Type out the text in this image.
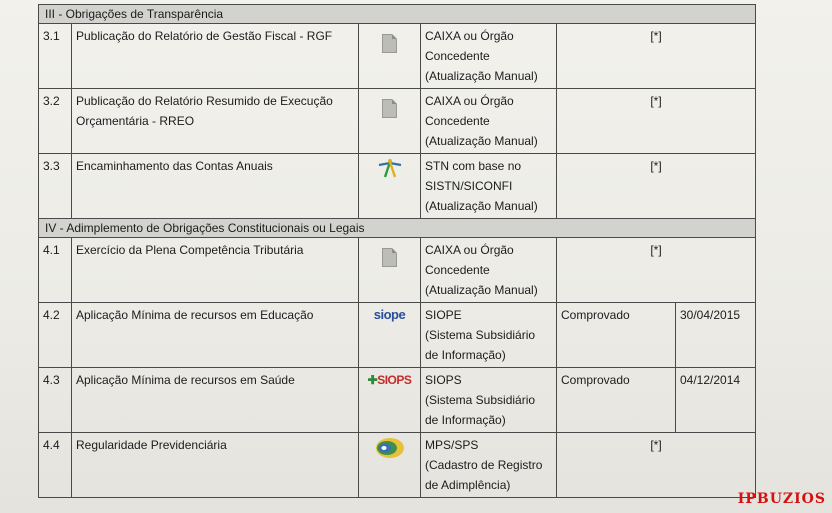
III - Obrigações de Transparência					
3.1	Publicação do Relatório de Gestão Fiscal - RGF		CAIXA ou Órgão
Concedente
(Atualização Manual)	[*]	
3.2	Publicação do Relatório Resumido de Execução Orçamentária - RREO		CAIXA ou Órgão
Concedente
(Atualização Manual)	[*]	
3.3	Encaminhamento das Contas Anuais		STN com base no
SISTN/SICONFI
(Atualização Manual)	[*]	
IV - Adimplemento de Obrigações Constitucionais ou Legais					
4.1	Exercício da Plena Competência Tributária		CAIXA ou Órgão
Concedente
(Atualização Manual)	[*]	
4.2	Aplicação Mínima de recursos em Educação	siope	SIOPE
(Sistema Subsidiário
de Informação)	Comprovado	30/04/2015
4.3	Aplicação Mínima de recursos em Saúde	✚SIOPS	SIOPS
(Sistema Subsidiário
de Informação)	Comprovado	04/12/2014
4.4	Regularidade Previdenciária		MPS/SPS
(Cadastro de Registro
de Adimplência)	[*]	
IPBUZIOS
